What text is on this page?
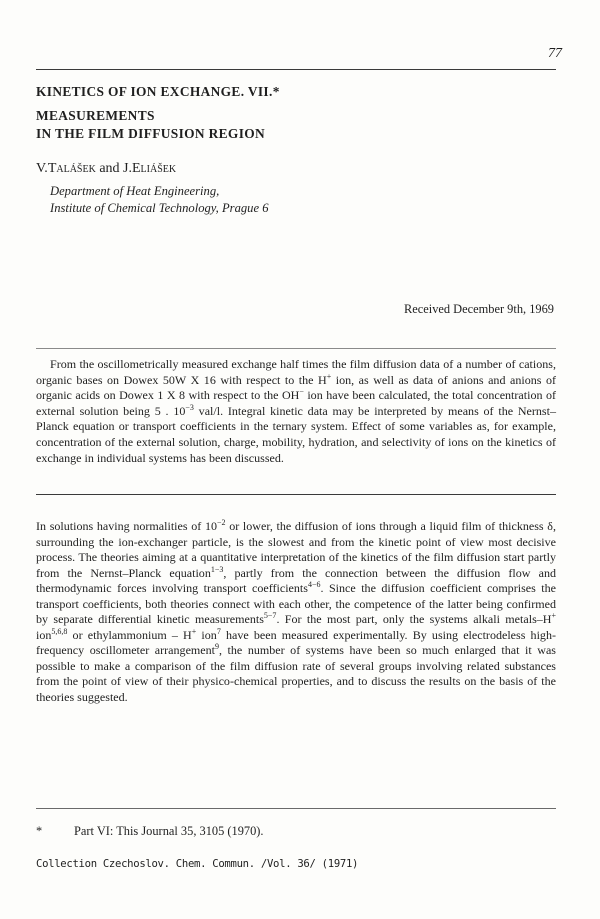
77
KINETICS OF ION EXCHANGE. VII.*
MEASUREMENTS
IN THE FILM DIFFUSION REGION
V.Talášek and J.Eliášek
Department of Heat Engineering,
Institute of Chemical Technology, Prague 6
Received December 9th, 1969
From the oscillometrically measured exchange half times the film diffusion data of a number of cations, organic bases on Dowex 50W X 16 with respect to the H+ ion, as well as data of anions and anions of organic acids on Dowex 1 X 8 with respect to the OH− ion have been calculated, the total concentration of external solution being 5 . $10^{-3}$ val/l. Integral kinetic data may be interpreted by means of the Nernst–Planck equation or transport coefficients in the ternary system. Effect of some variables as, for example, concentration of the external solution, charge, mobility, hydration, and selectivity of ions on the kinetics of exchange in individual systems has been discussed.
In solutions having normalities of $10^{-2}$ or lower, the diffusion of ions through a liquid film of thickness δ, surrounding the ion-exchanger particle, is the slowest and from the kinetic point of view most decisive process. The theories aiming at a quantitative interpretation of the kinetics of the film diffusion start partly from the Nernst–Planck equation$^{1-3}$, partly from the connection between the diffusion flow and thermodynamic forces involving transport coefficients$^{4-6}$. Since the diffusion coefficient comprises the transport coefficients, both theories connect with each other, the competence of the latter being confirmed by separate differential kinetic measurements$^{5-7}$. For the most part, only the systems alkali metals–H+ ion$^{5,6,8}$ or ethylammonium – H+ ion$^7$ have been measured experimentally. By using electrodeless high-frequency oscillometer arrangement$^9$, the number of systems have been so much enlarged that it was possible to make a comparison of the film diffusion rate of several groups involving related substances from the point of view of their physico-chemical properties, and to discuss the results on the basis of the theories suggested.
*	Part VI: This Journal 35, 3105 (1970).
Collection Czechoslov. Chem. Commun. /Vol. 36/ (1971)
